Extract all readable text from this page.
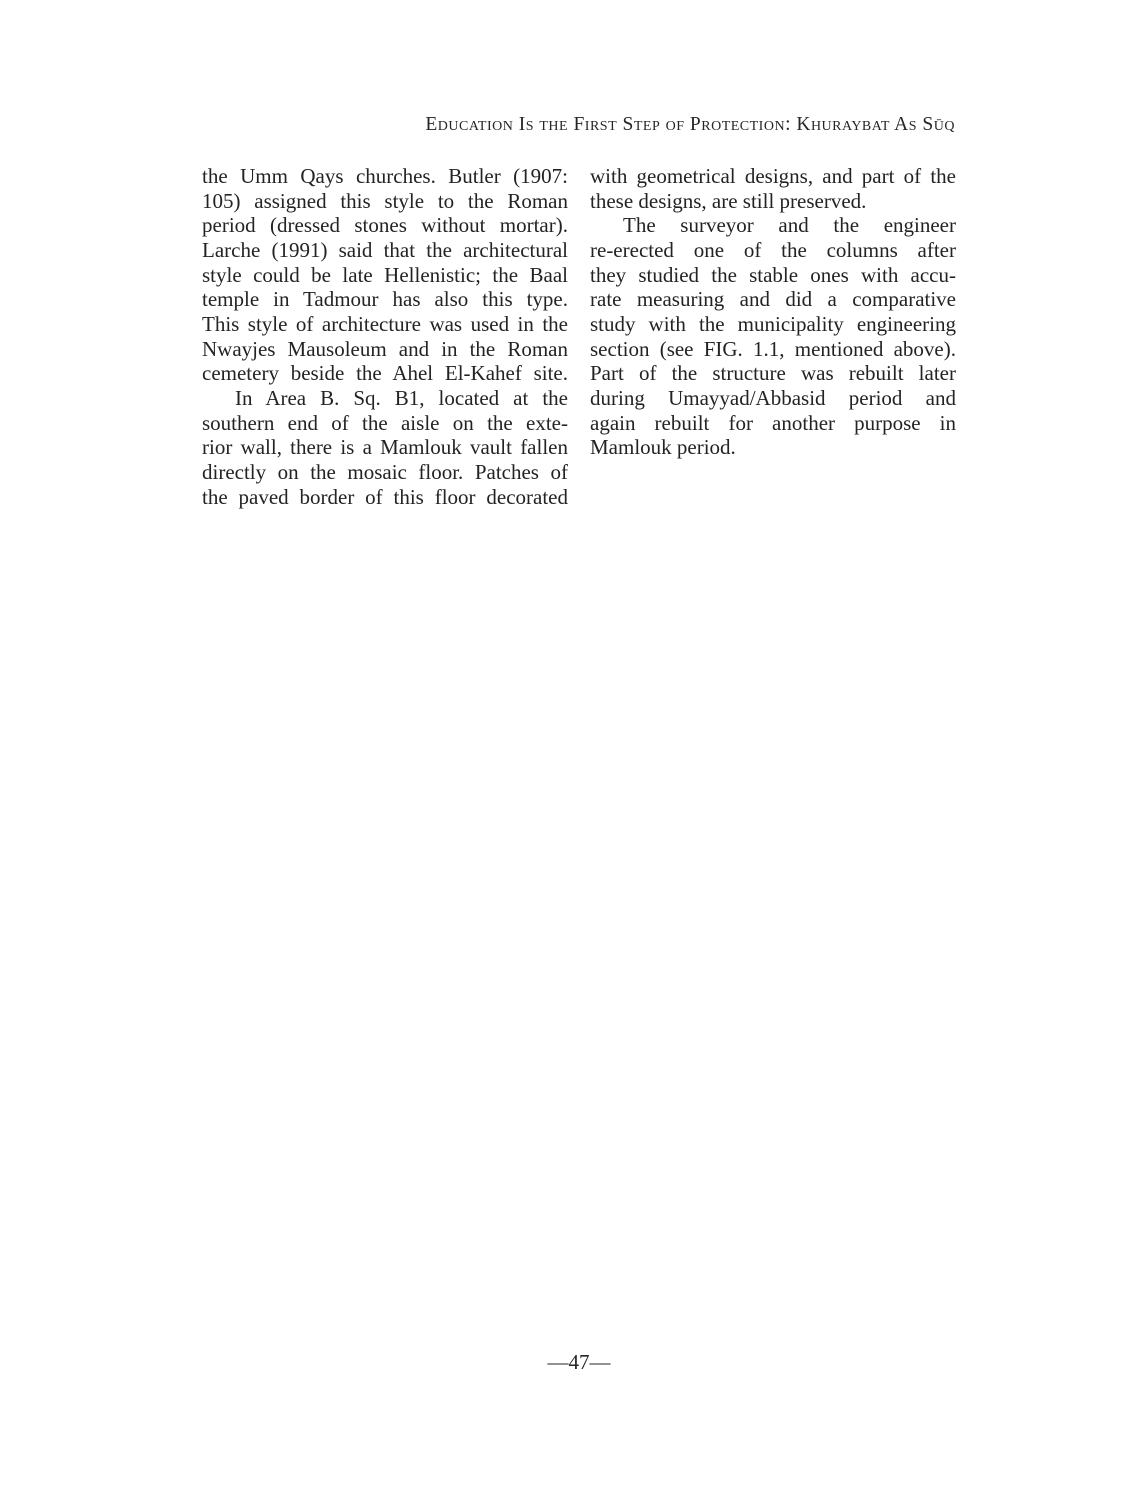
Education Is the First Step of Protection: Khuraybat As Sūq
the Umm Qays churches. Butler (1907:
105) assigned this style to the Roman
period (dressed stones without mortar).
Larche (1991) said that the architectural
style could be late Hellenistic; the Baal
temple in Tadmour has also this type.
This style of architecture was used in the
Nwayjes Mausoleum and in the Roman
cemetery beside the Ahel El-Kahef site.
In Area B. Sq. B1, located at the
southern end of the aisle on the exte-
rior wall, there is a Mamlouk vault fallen
directly on the mosaic floor. Patches of
the paved border of this floor decorated
with geometrical designs, and part of the
these designs, are still preserved.
The surveyor and the engineer
re-erected one of the columns after
they studied the stable ones with accu-
rate measuring and did a comparative
study with the municipality engineering
section (see FIG. 1.1, mentioned above).
Part of the structure was rebuilt later
during Umayyad/Abbasid period and
again rebuilt for another purpose in
Mamlouk period.
—47—
